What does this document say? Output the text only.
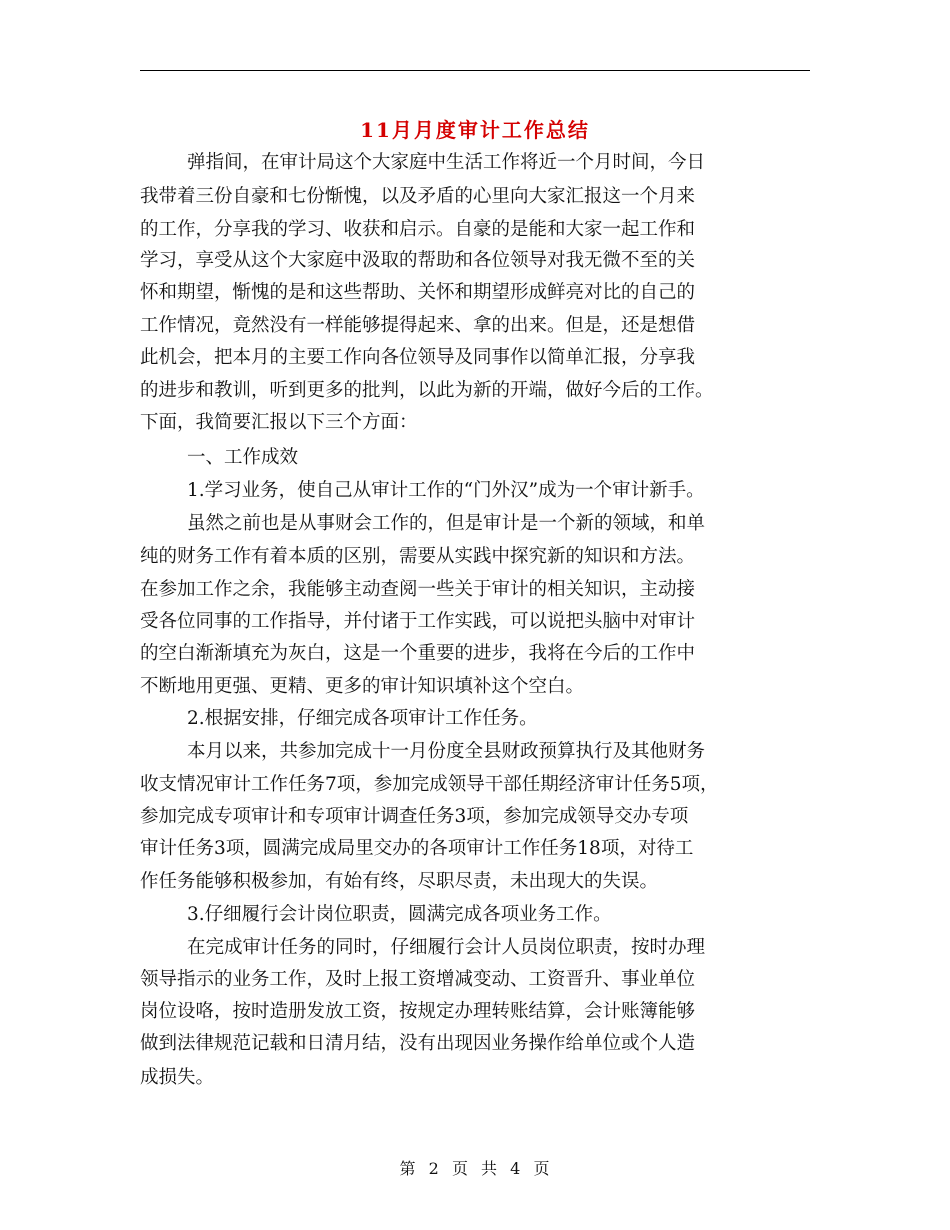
11月月度审计工作总结
弹指间，在审计局这个大家庭中生活工作将近一个月时间，今日
我带着三份自豪和七份惭愧，以及矛盾的心里向大家汇报这一个月来
的工作，分享我的学习、收获和启示。自豪的是能和大家一起工作和
学习，享受从这个大家庭中汲取的帮助和各位领导对我无微不至的关
怀和期望，惭愧的是和这些帮助、关怀和期望形成鲜亮对比的自己的
工作情况，竟然没有一样能够提得起来、拿的出来。但是，还是想借
此机会，把本月的主要工作向各位领导及同事作以简单汇报，分享我
的进步和教训，听到更多的批判，以此为新的开端，做好今后的工作。
下面，我简要汇报以下三个方面：
一、工作成效
1.学习业务，使自己从审计工作的“门外汉”成为一个审计新手。
虽然之前也是从事财会工作的，但是审计是一个新的领域，和单
纯的财务工作有着本质的区别，需要从实践中探究新的知识和方法。
在参加工作之余，我能够主动查阅一些关于审计的相关知识，主动接
受各位同事的工作指导，并付诸于工作实践，可以说把头脑中对审计
的空白渐渐填充为灰白，这是一个重要的进步，我将在今后的工作中
不断地用更强、更精、更多的审计知识填补这个空白。
2.根据安排，仔细完成各项审计工作任务。
本月以来，共参加完成十一月份度全县财政预算执行及其他财务
收支情况审计工作任务7项，参加完成领导干部任期经济审计任务5项，
参加完成专项审计和专项审计调查任务3项，参加完成领导交办专项
审计任务3项，圆满完成局里交办的各项审计工作任务18项，对待工
作任务能够积极参加，有始有终，尽职尽责，未出现大的失误。
3.仔细履行会计岗位职责，圆满完成各项业务工作。
在完成审计任务的同时，仔细履行会计人员岗位职责，按时办理
领导指示的业务工作，及时上报工资增减变动、工资晋升、事业单位
岗位设咯，按时造册发放工资，按规定办理转账结算，会计账簿能够
做到法律规范记载和日清月结，没有出现因业务操作给单位或个人造
成损失。
第 2 页 共 4 页
